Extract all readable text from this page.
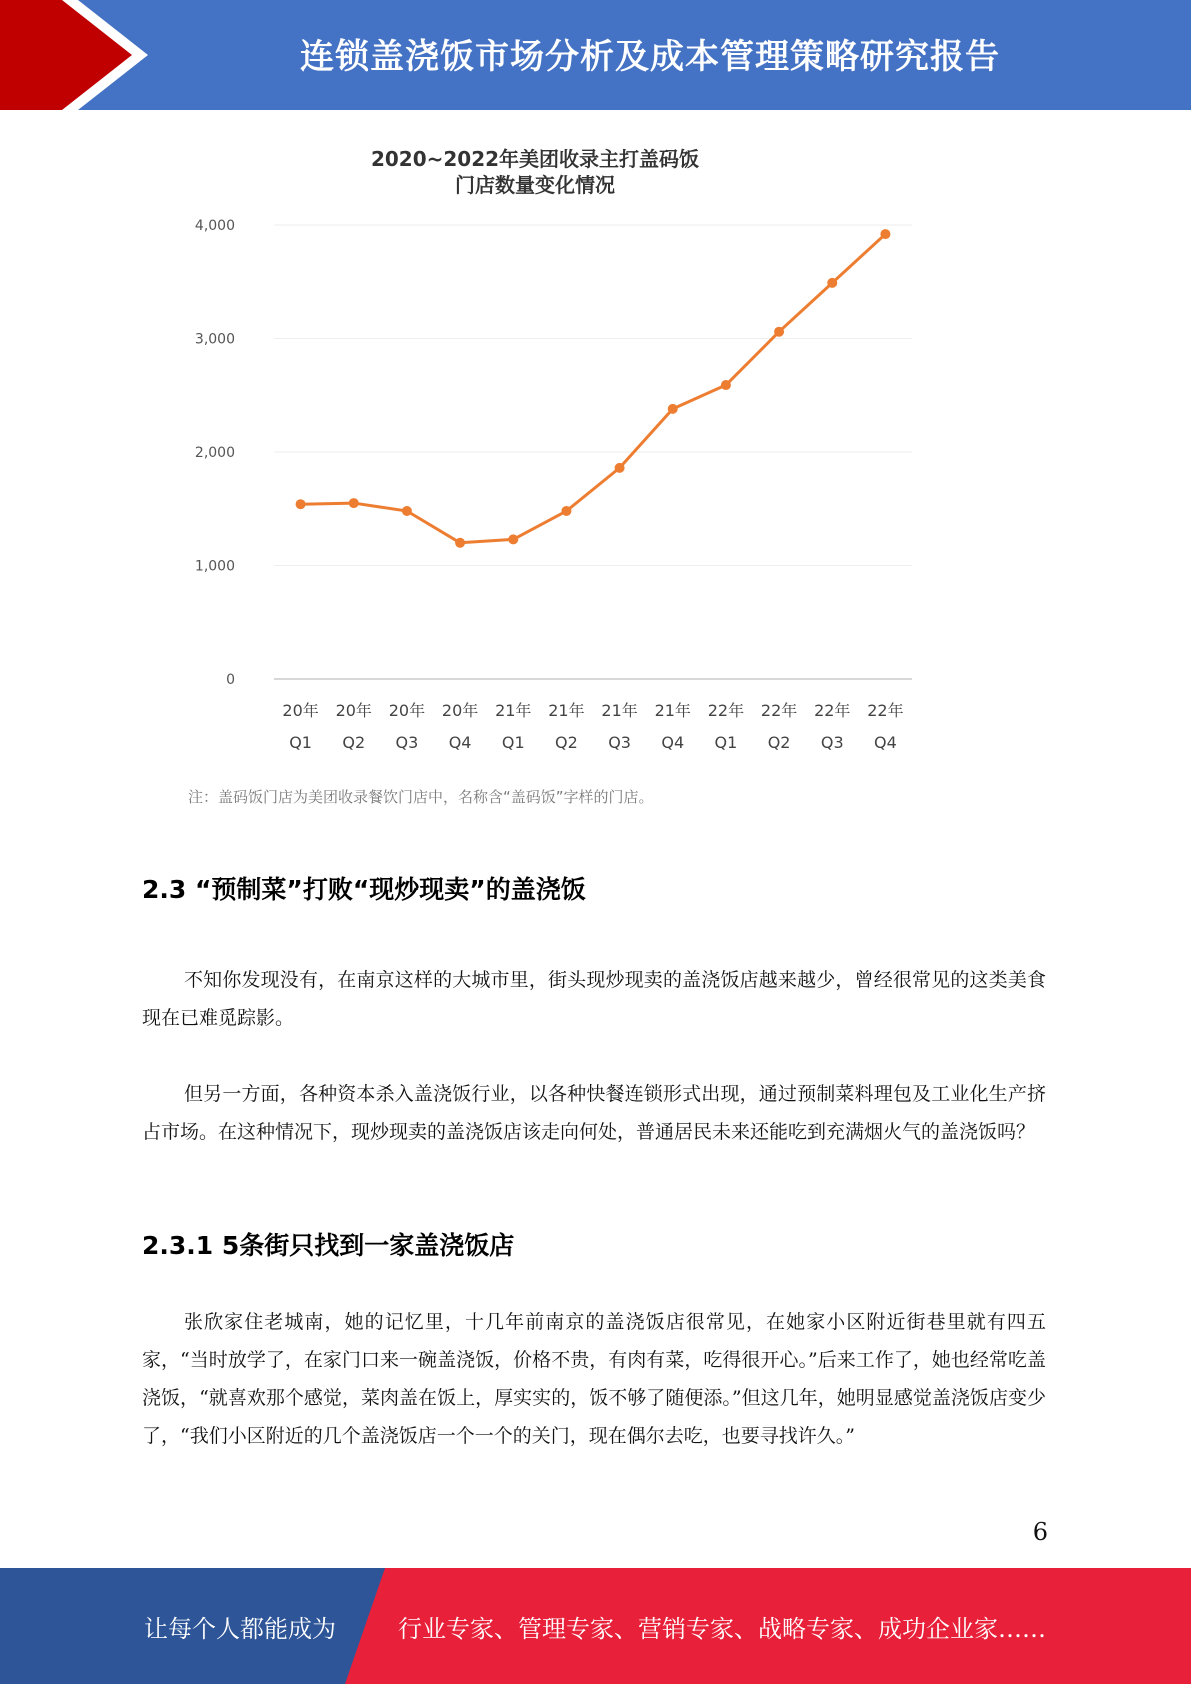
连锁盖浇饭市场分析及成本管理策略研究报告
2020~2022年美团收录主打盖码饭
门店数量变化情况
0
1,000
2,000
3,000
4,000
20年
Q1
20年
Q2
20年
Q3
20年
Q4
21年
Q1
21年
Q2
21年
Q3
21年
Q4
22年
Q1
22年
Q2
22年
Q3
22年
Q4
注：盖码饭门店为美团收录餐饮门店中，名称含“盖码饭”字样的门店。
2.3 “预制菜”打败“现炒现卖”的盖浇饭
不知你发现没有，在南京这样的大城市里，街头现炒现卖的盖浇饭店越来越少，曾经很常见的这类美食现在已难觅踪影。
但另一方面，各种资本杀入盖浇饭行业，以各种快餐连锁形式出现，通过预制菜料理包及工业化生产挤占市场。在这种情况下，现炒现卖的盖浇饭店该走向何处，普通居民未来还能吃到充满烟火气的盖浇饭吗？
2.3.1 5条街只找到一家盖浇饭店
张欣家住老城南，她的记忆里，十几年前南京的盖浇饭店很常见，在她家小区附近街巷里就有四五家，“当时放学了，在家门口来一碗盖浇饭，价格不贵，有肉有菜，吃得很开心。”后来工作了，她也经常吃盖浇饭，“就喜欢那个感觉，菜肉盖在饭上，厚实实的，饭不够了随便添。”但这几年，她明显感觉盖浇饭店变少了，“我们小区附近的几个盖浇饭店一个一个的关门，现在偶尔去吃，也要寻找许久。”
6
让每个人都能成为	行业专家、管理专家、营销专家、战略专家、成功企业家……
